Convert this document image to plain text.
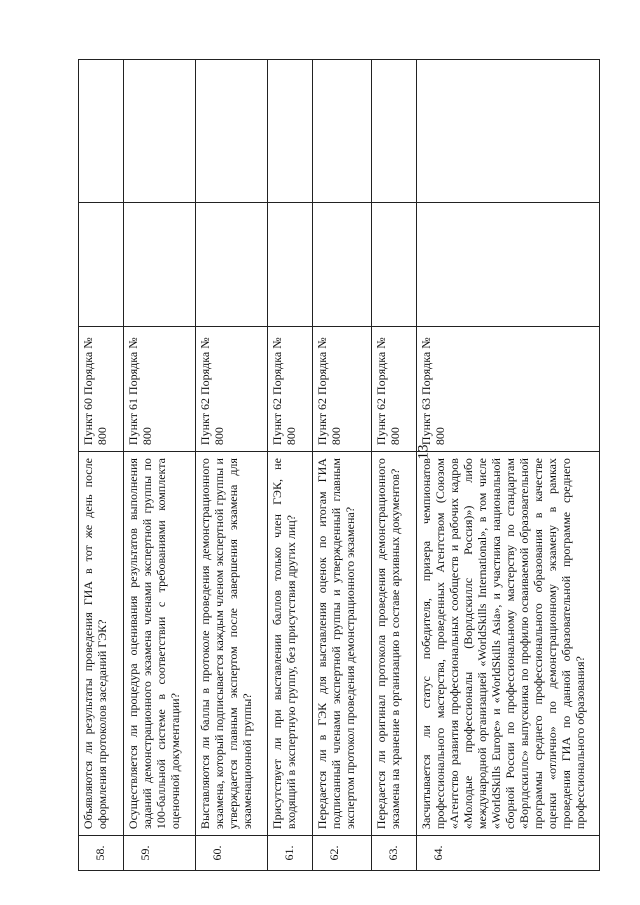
13
58.
Объявляются ли результаты проведения ГИА в тот же день после оформления протоколов заседаний ГЭК?
Пункт 60 Порядка № 800
59.
Осуществляется ли процедура оценивания результатов выполнения заданий демонстрационного экзамена членами экспертной группы по 100-балльной системе в соответствии с требованиями комплекта оценочной документации?
Пункт 61 Порядка № 800
60.
Выставляются ли баллы в протоколе проведения демонстрационного экзамена, который подписывается каждым членом экспертной группы и утверждается главным экспертом после завершения экзамена для экзаменационной группы?
Пункт 62 Порядка № 800
61.
Присутствует ли при выставлении баллов только член ГЭК, не входящий в экспертную группу, без присутствия других лиц?
Пункт 62 Порядка № 800
62.
Передается ли в ГЭК для выставления оценок по итогам ГИА подписанный членами экспертной группы и утвержденный главным экспертом протокол проведения демонстрационного экзамена?
Пункт 62 Порядка № 800
63.
Передается ли оригинал протокола проведения демонстрационного экзамена на хранение в организацию в составе архивных документов?
Пункт 62 Порядка № 800
64.
Засчитывается ли статус победителя, призера чемпионатов профессионального мастерства, проведенных Агентством (Союзом «Агентство развития профессиональных сообществ и рабочих кадров «Молодые профессионалы (Ворлдскиллс Россия)») либо международной организацией «WorldSkills International», в том числе «WorldSkills Europe» и «WorldSkills Asia», и участника национальной сборной России по профессиональному мастерству по стандартам «Ворлдскиллс» выпускника по профилю осваиваемой образовательной программы среднего профессионального образования в качестве оценки «отлично» по демонстрационному экзамену в рамках проведения ГИА по данной образовательной программе среднего профессионального образования?
Пункт 63 Порядка № 800
